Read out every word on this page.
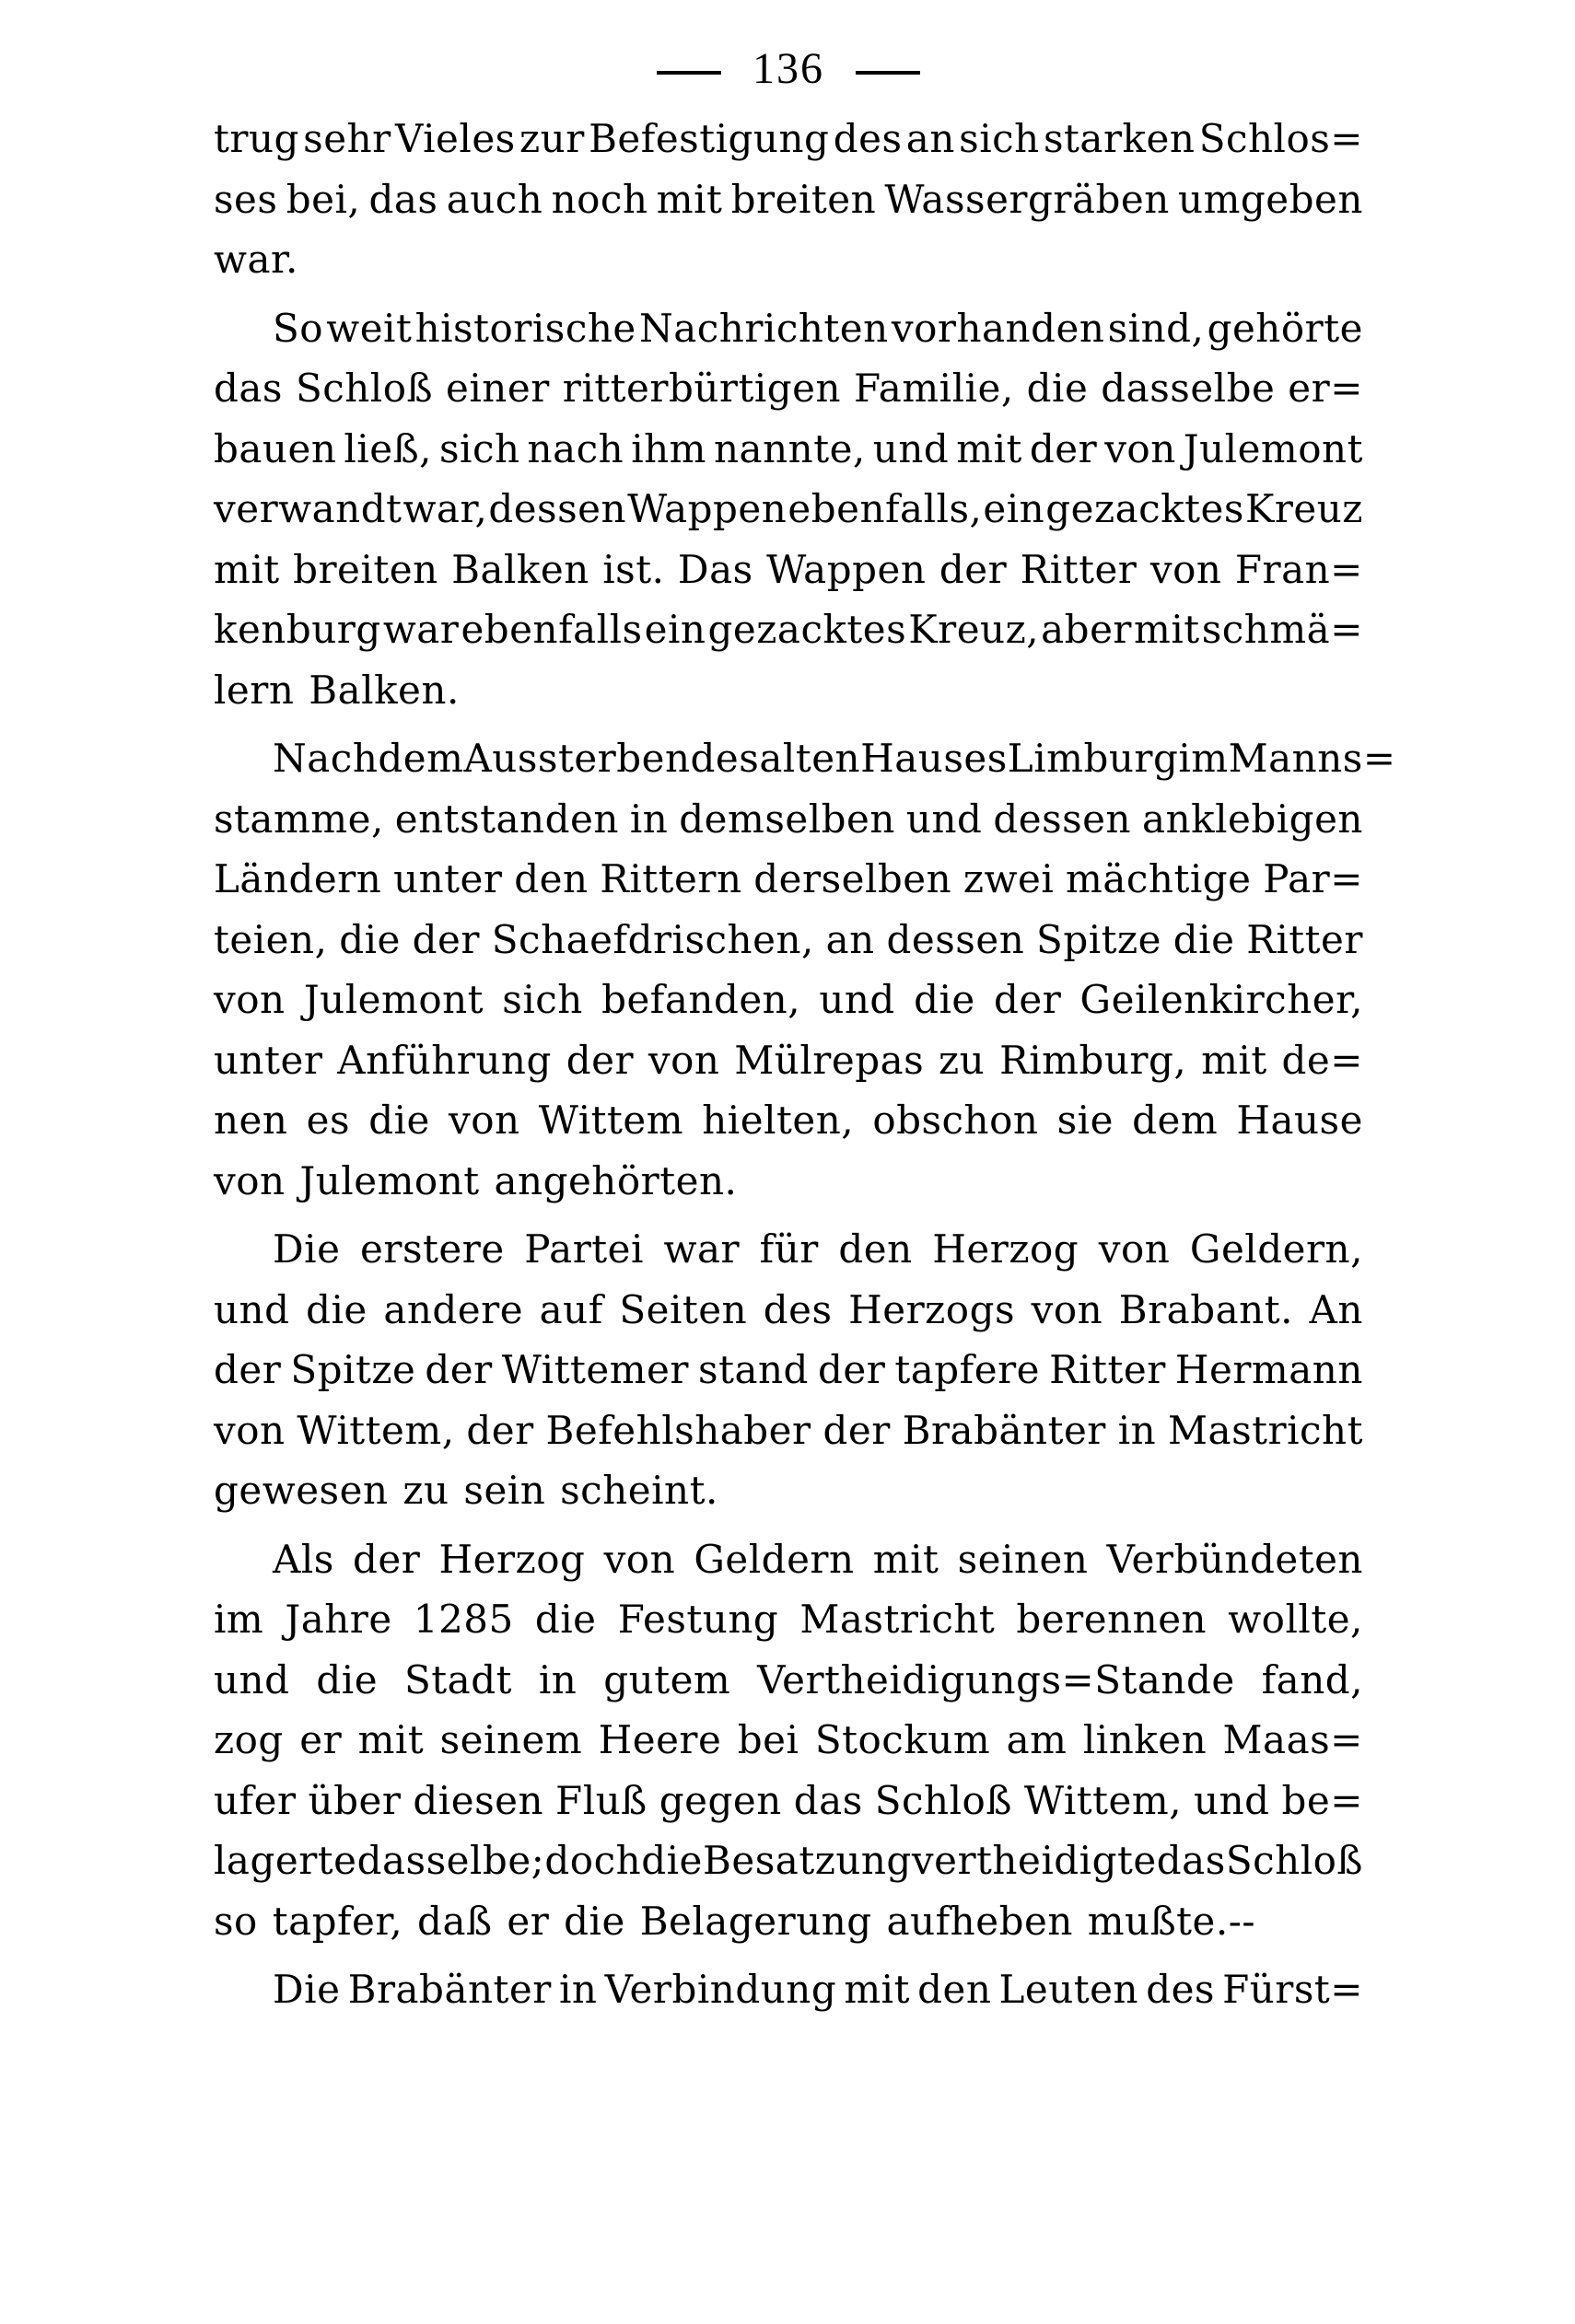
136
trug sehr Vieles zur Befestigung des an sich starken Schlos=
ses bei, das auch noch mit breiten Wassergräben umgeben
war.
So weit historische Nachrichten vorhanden sind, gehörte
das Schloß einer ritterbürtigen Familie, die dasselbe er=
bauen ließ, sich nach ihm nannte, und mit der von Julemont
verwandt war, dessen Wappen ebenfalls, ein gezacktes Kreuz
mit breiten Balken ist. Das Wappen der Ritter von Fran=
kenburg war ebenfalls ein gezacktes Kreuz, aber mit schmä=
lern Balken.
Nach dem Aussterben des alten Hauses Limburg im Manns=
stamme, entstanden in demselben und dessen anklebigen
Ländern unter den Rittern derselben zwei mächtige Par=
teien, die der Schaefdrischen, an dessen Spitze die Ritter
von Julemont sich befanden, und die der Geilenkircher,
unter Anführung der von Mülrepas zu Rimburg, mit de=
nen es die von Wittem hielten, obschon sie dem Hause
von Julemont angehörten.
Die erstere Partei war für den Herzog von Geldern,
und die andere auf Seiten des Herzogs von Brabant. An
der Spitze der Wittemer stand der tapfere Ritter Hermann
von Wittem, der Befehlshaber der Brabänter in Mastricht
gewesen zu sein scheint.
Als der Herzog von Geldern mit seinen Verbündeten
im Jahre 1285 die Festung Mastricht berennen wollte,
und die Stadt in gutem Vertheidigungs=Stande fand,
zog er mit seinem Heere bei Stockum am linken Maas=
ufer über diesen Fluß gegen das Schloß Wittem, und be=
lagerte dasselbe; doch die Besatzung vertheidigte das Schloß
so tapfer, daß er die Belagerung aufheben mußte.--
Die Brabänter in Verbindung mit den Leuten des Fürst=
